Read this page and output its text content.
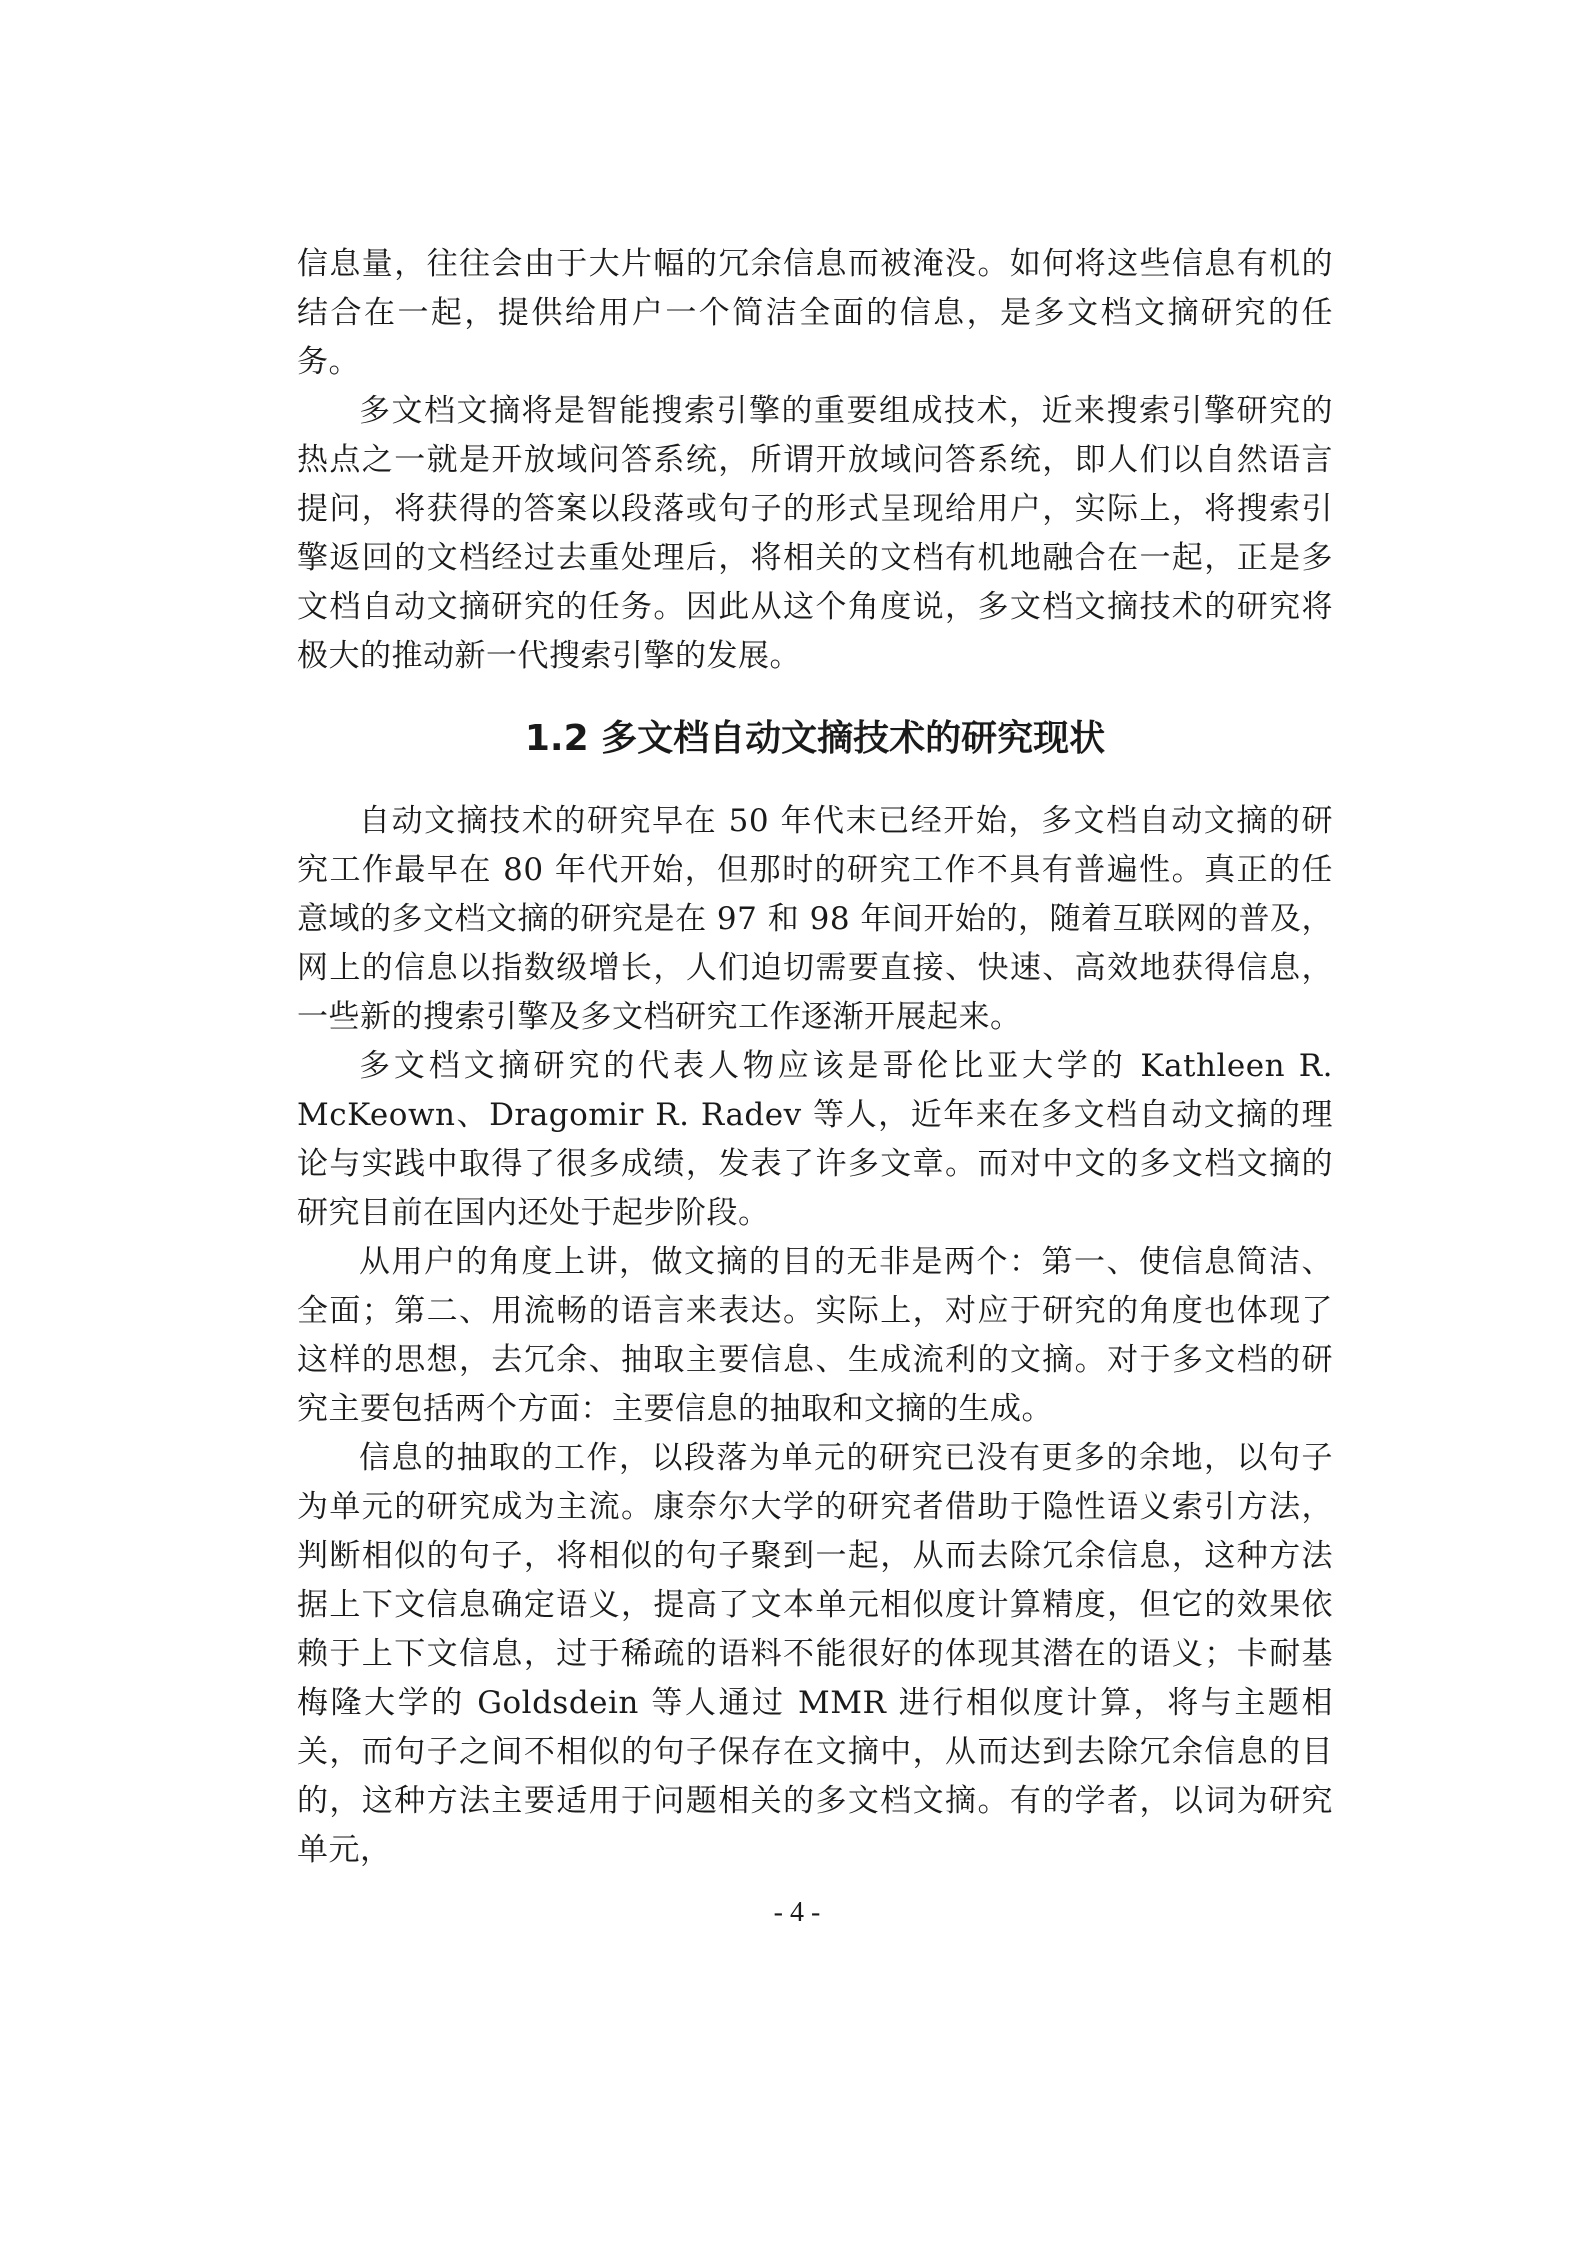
信息量，往往会由于大片幅的冗余信息而被淹没。如何将这些信息有机的结合在一起，提供给用户一个简洁全面的信息，是多文档文摘研究的任务。

多文档文摘将是智能搜索引擎的重要组成技术，近来搜索引擎研究的热点之一就是开放域问答系统，所谓开放域问答系统，即人们以自然语言提问，将获得的答案以段落或句子的形式呈现给用户，实际上，将搜索引擎返回的文档经过去重处理后，将相关的文档有机地融合在一起，正是多文档自动文摘研究的任务。因此从这个角度说，多文档文摘技术的研究将极大的推动新一代搜索引擎的发展。

1.2 多文档自动文摘技术的研究现状

自动文摘技术的研究早在 50 年代末已经开始，多文档自动文摘的研究工作最早在 80 年代开始，但那时的研究工作不具有普遍性。真正的任意域的多文档文摘的研究是在 97 和 98 年间开始的，随着互联网的普及，网上的信息以指数级增长，人们迫切需要直接、快速、高效地获得信息，一些新的搜索引擎及多文档研究工作逐渐开展起来。

多文档文摘研究的代表人物应该是哥伦比亚大学的 Kathleen R. McKeown、Dragomir R. Radev 等人，近年来在多文档自动文摘的理论与实践中取得了很多成绩，发表了许多文章。而对中文的多文档文摘的研究目前在国内还处于起步阶段。

从用户的角度上讲，做文摘的目的无非是两个：第一、使信息简洁、全面；第二、用流畅的语言来表达。实际上，对应于研究的角度也体现了这样的思想，去冗余、抽取主要信息、生成流利的文摘。对于多文档的研究主要包括两个方面：主要信息的抽取和文摘的生成。

信息的抽取的工作，以段落为单元的研究已没有更多的余地，以句子为单元的研究成为主流。康奈尔大学的研究者借助于隐性语义索引方法，判断相似的句子，将相似的句子聚到一起，从而去除冗余信息，这种方法据上下文信息确定语义，提高了文本单元相似度计算精度，但它的效果依赖于上下文信息，过于稀疏的语料不能很好的体现其潜在的语义；卡耐基梅隆大学的 Goldsdein 等人通过 MMR 进行相似度计算，将与主题相关，而句子之间不相似的句子保存在文摘中，从而达到去除冗余信息的目的，这种方法主要适用于问题相关的多文档文摘。有的学者，以词为研究单元，

- 4 -
